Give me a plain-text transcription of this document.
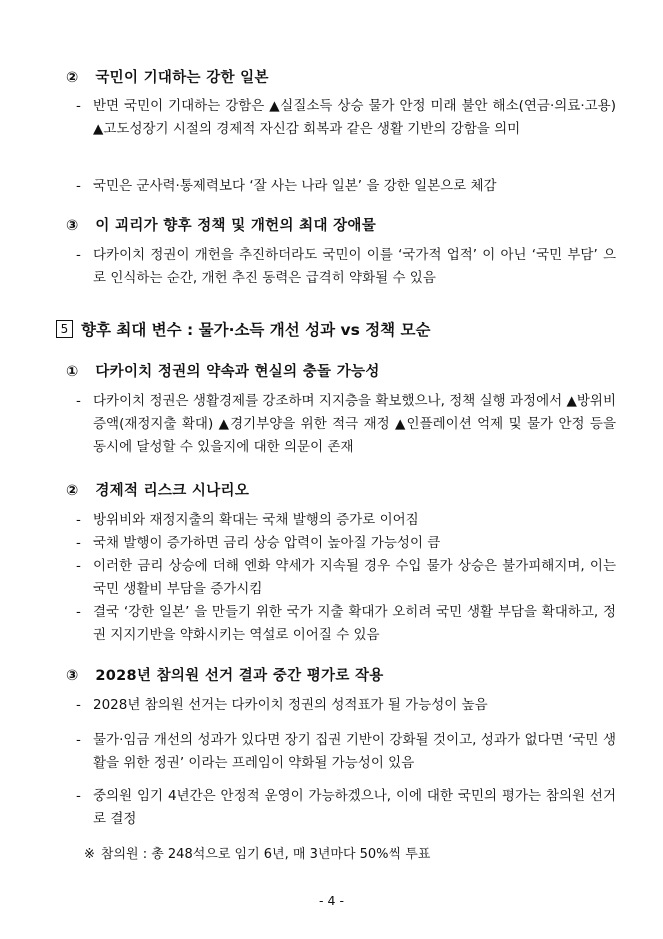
② 국민이 기대하는 강한 일본
- 반면 국민이 기대하는 강함은 ▲실질소득 상승 물가 안정 미래 불안 해소(연금·의료·고용) ▲고도성장기 시절의 경제적 자신감 회복과 같은 생활 기반의 강함을 의미
- 국민은 군사력·통제력보다 ‘잘 사는 나라 일본’ 을 강한 일본으로 체감
③ 이 괴리가 향후 정책 및 개헌의 최대 장애물
- 다카이치 정권이 개헌을 추진하더라도 국민이 이를 ‘국가적 업적’ 이 아닌 ‘국민 부담’ 으로 인식하는 순간, 개헌 추진 동력은 급격히 약화될 수 있음
5 향후 최대 변수 : 물가·소득 개선 성과 vs 정책 모순
① 다카이치 정권의 약속과 현실의 충돌 가능성
- 다카이치 정권은 생활경제를 강조하며 지지층을 확보했으나, 정책 실행 과정에서 ▲방위비 증액(재정지출 확대) ▲경기부양을 위한 적극 재정 ▲인플레이션 억제 및 물가 안정 등을 동시에 달성할 수 있을지에 대한 의문이 존재
② 경제적 리스크 시나리오
- 방위비와 재정지출의 확대는 국채 발행의 증가로 이어짐
- 국채 발행이 증가하면 금리 상승 압력이 높아질 가능성이 큼
- 이러한 금리 상승에 더해 엔화 약세가 지속될 경우 수입 물가 상승은 불가피해지며, 이는 국민 생활비 부담을 증가시킴
- 결국 ‘강한 일본’ 을 만들기 위한 국가 지출 확대가 오히려 국민 생활 부담을 확대하고, 정권 지지기반을 약화시키는 역설로 이어질 수 있음
③ 2028년 참의원 선거 결과 중간 평가로 작용
- 2028년 참의원 선거는 다카이치 정권의 성적표가 될 가능성이 높음
- 물가·임금 개선의 성과가 있다면 장기 집권 기반이 강화될 것이고, 성과가 없다면 ‘국민 생활을 위한 정권’ 이라는 프레임이 약화될 가능성이 있음
- 중의원 임기 4년간은 안정적 운영이 가능하겠으나, 이에 대한 국민의 평가는 참의원 선거로 결정
※ 참의원 : 총 248석으로 임기 6년, 매 3년마다 50%씩 투표
- 4 -
